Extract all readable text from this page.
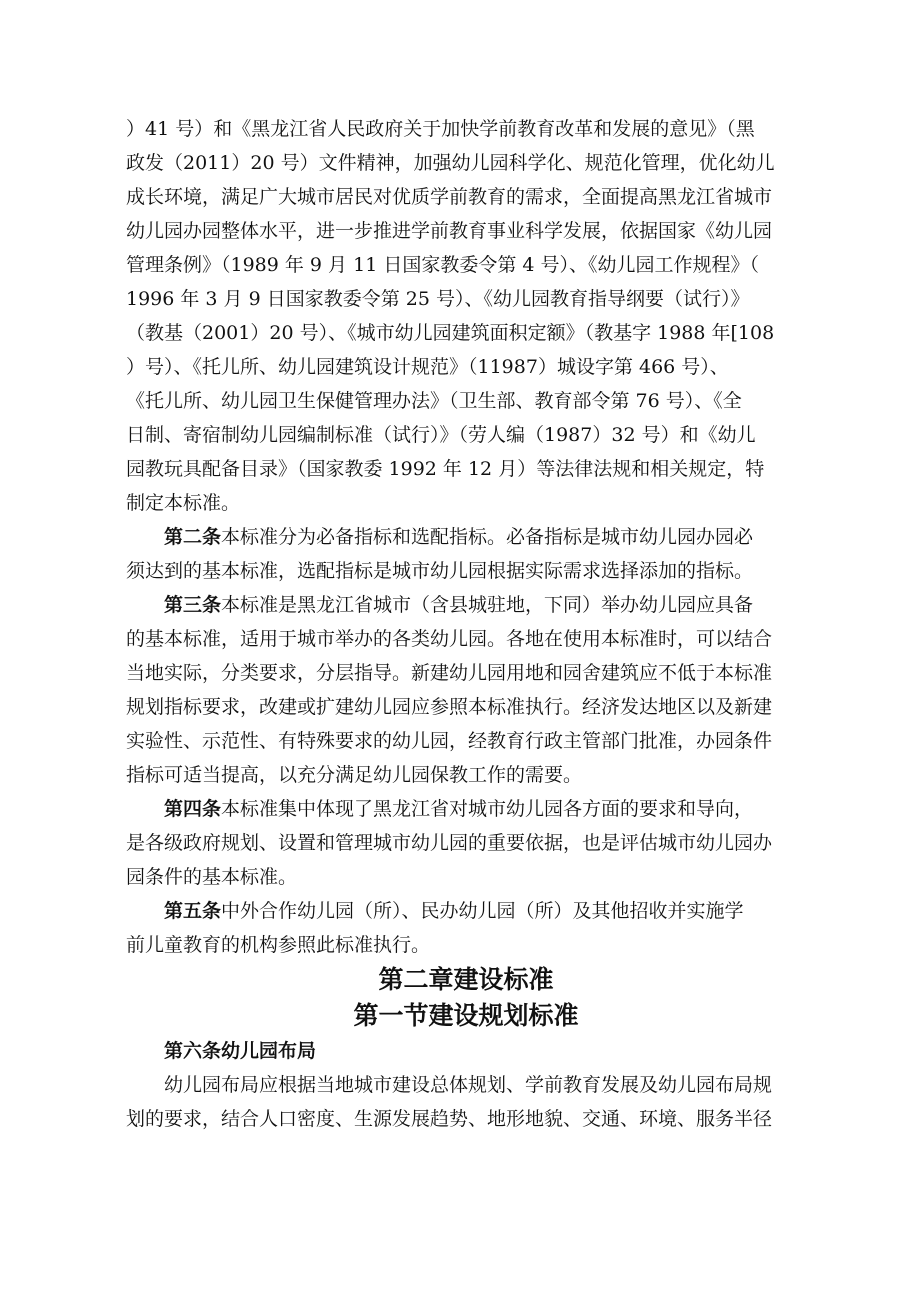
）41 号）和《黑龙江省人民政府关于加快学前教育改革和发展的意见》（黑
政发（2011）20 号）文件精神，加强幼儿园科学化、规范化管理，优化幼儿
成长环境，满足广大城市居民对优质学前教育的需求，全面提高黑龙江省城市
幼儿园办园整体水平，进一步推进学前教育事业科学发展，依据国家《幼儿园
管理条例》（1989 年 9 月 11 日国家教委令第 4 号）、《幼儿园工作规程》（
1996 年 3 月 9 日国家教委令第 25 号）、《幼儿园教育指导纲要（试行）》
（教基（2001）20 号）、《城市幼儿园建筑面积定额》（教基字 1988 年[108
）号）、《托儿所、幼儿园建筑设计规范》（11987）城设字第 466 号）、
《托儿所、幼儿园卫生保健管理办法》（卫生部、教育部令第 76 号）、《全
日制、寄宿制幼儿园编制标准（试行）》（劳人编（1987）32 号）和《幼儿
园教玩具配备目录》（国家教委 1992 年 12 月）等法律法规和相关规定，特
制定本标准。

第二条本标准分为必备指标和选配指标。必备指标是城市幼儿园办园必
须达到的基本标准，选配指标是城市幼儿园根据实际需求选择添加的指标。

第三条本标准是黑龙江省城市（含县城驻地，下同）举办幼儿园应具备
的基本标准，适用于城市举办的各类幼儿园。各地在使用本标准时，可以结合
当地实际，分类要求，分层指导。新建幼儿园用地和园舍建筑应不低于本标准
规划指标要求，改建或扩建幼儿园应参照本标准执行。经济发达地区以及新建
实验性、示范性、有特殊要求的幼儿园，经教育行政主管部门批准，办园条件
指标可适当提高，以充分满足幼儿园保教工作的需要。

第四条本标准集中体现了黑龙江省对城市幼儿园各方面的要求和导向，
是各级政府规划、设置和管理城市幼儿园的重要依据，也是评估城市幼儿园办
园条件的基本标准。

第五条中外合作幼儿园（所）、民办幼儿园（所）及其他招收并实施学
前儿童教育的机构参照此标准执行。

第二章建设标准
第一节建设规划标准
第六条幼儿园布局

幼儿园布局应根据当地城市建设总体规划、学前教育发展及幼儿园布局规
划的要求，结合人口密度、生源发展趋势、地形地貌、交通、环境、服务半径
